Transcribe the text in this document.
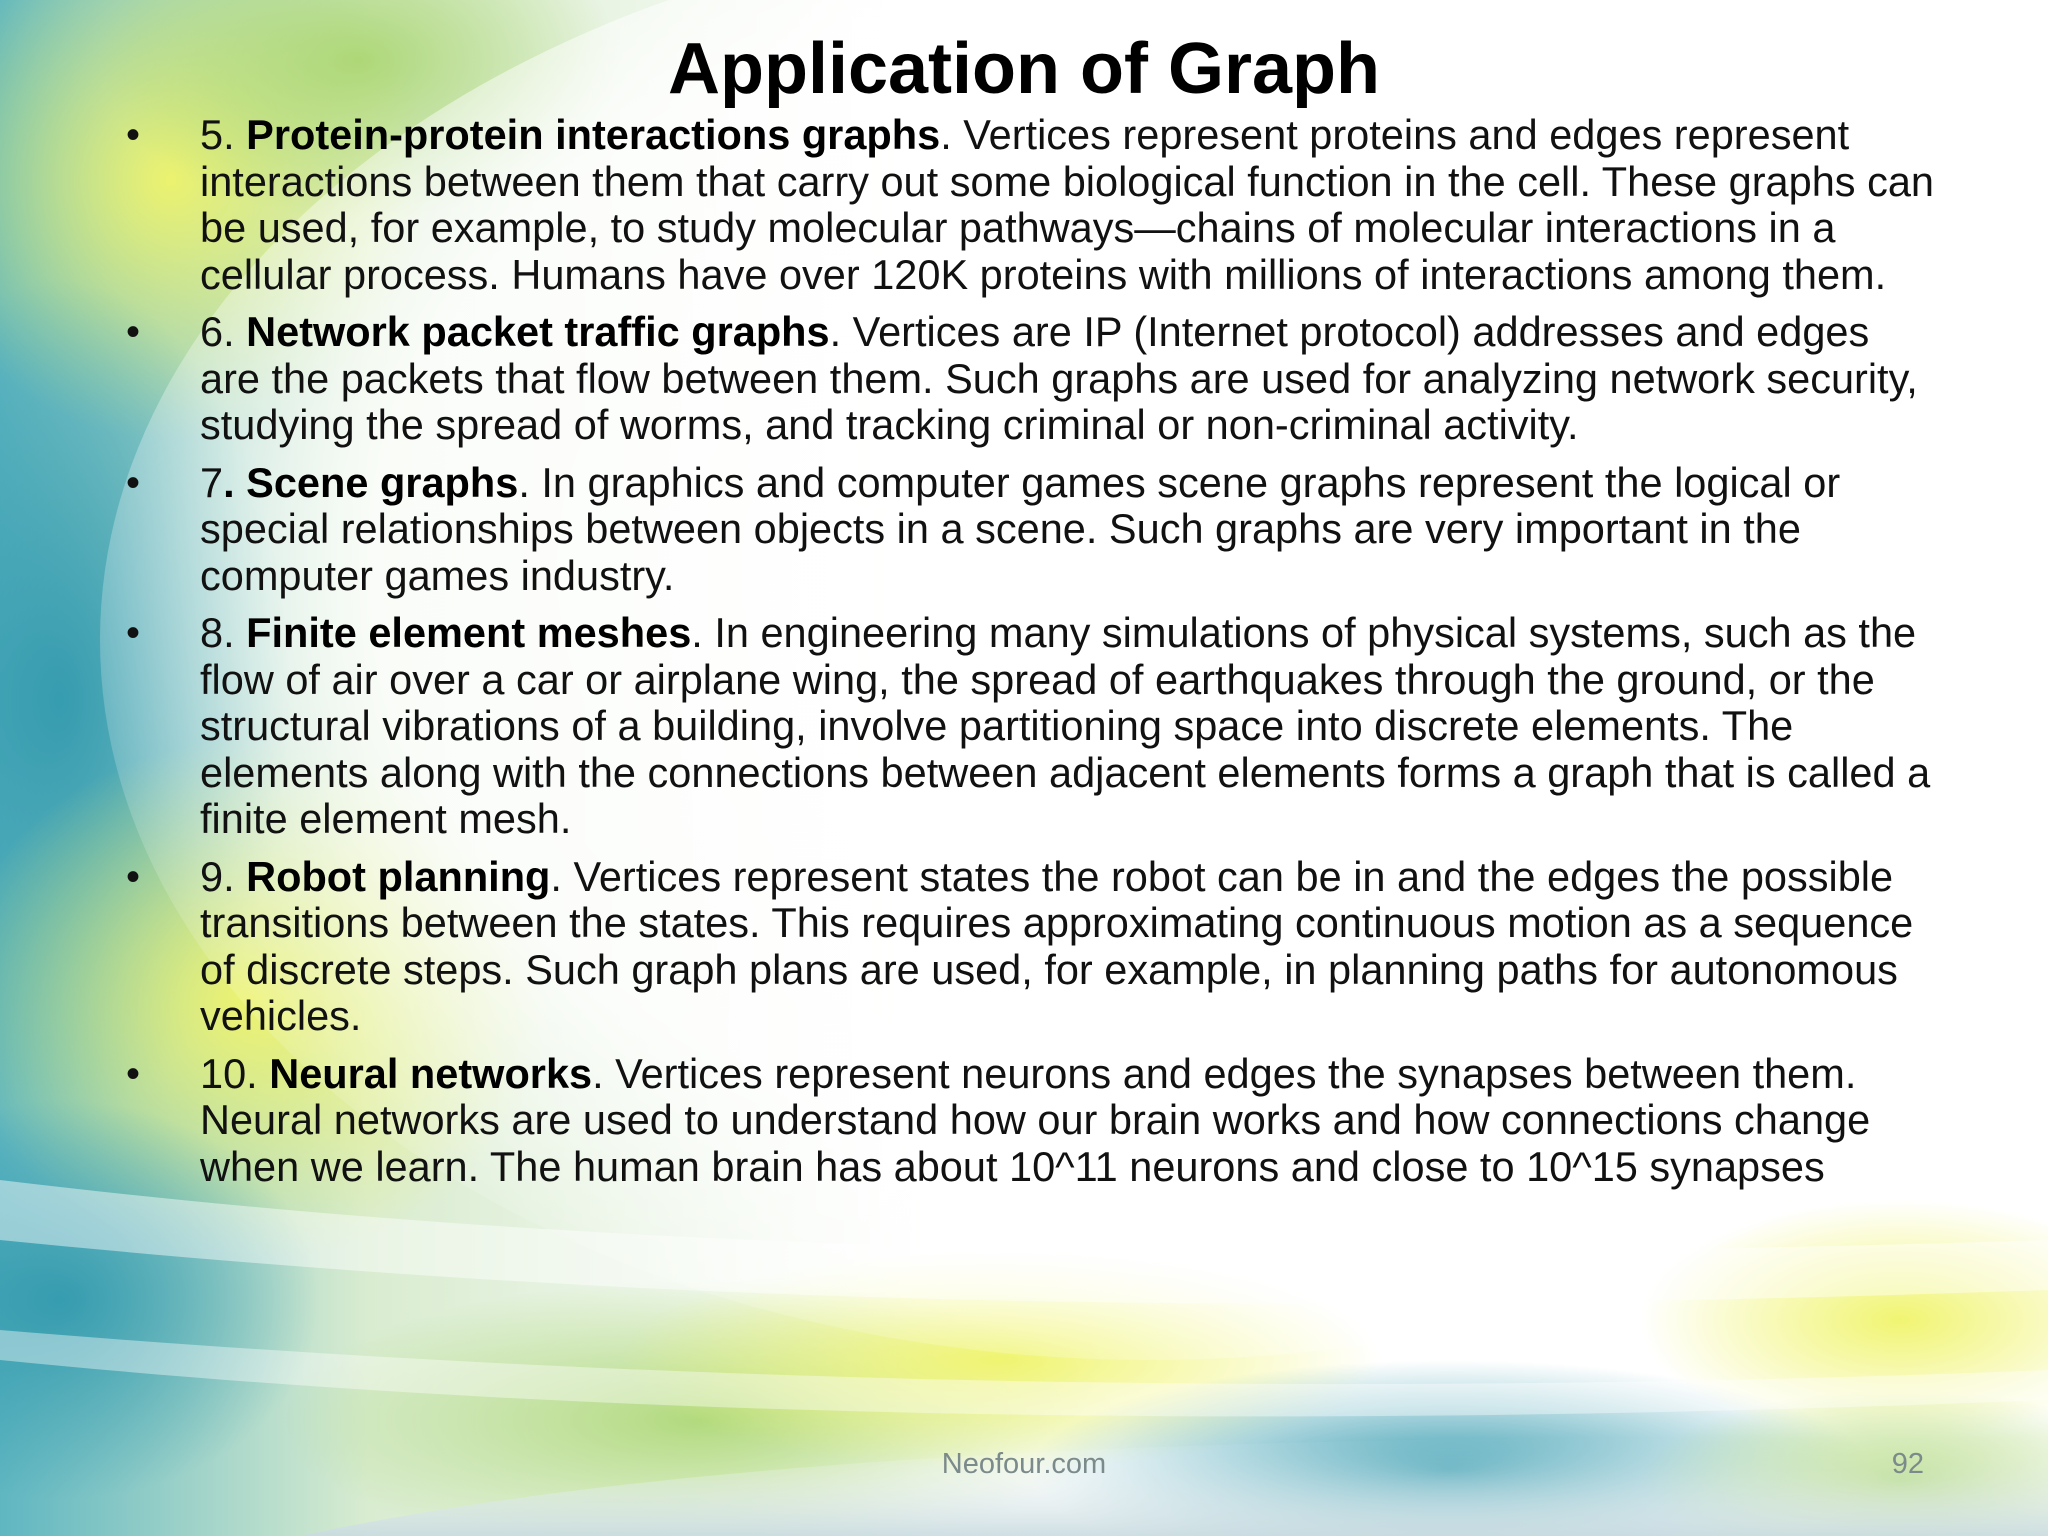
Application of Graph
• 5. Protein-protein interactions graphs. Vertices represent proteins and edges represent interactions between them that carry out some biological function in the cell. These graphs can be used, for example, to study molecular pathways—chains of molecular interactions in a cellular process. Humans have over 120K proteins with millions of interactions among them.
• 6. Network packet traffic graphs. Vertices are IP (Internet protocol) addresses and edges are the packets that flow between them. Such graphs are used for analyzing network security, studying the spread of worms, and tracking criminal or non-criminal activity.
• 7. Scene graphs. In graphics and computer games scene graphs represent the logical or special relationships between objects in a scene. Such graphs are very important in the computer games industry.
• 8. Finite element meshes. In engineering many simulations of physical systems, such as the flow of air over a car or airplane wing, the spread of earthquakes through the ground, or the structural vibrations of a building, involve partitioning space into discrete elements. The elements along with the connections between adjacent elements forms a graph that is called a finite element mesh.
• 9. Robot planning. Vertices represent states the robot can be in and the edges the possible transitions between the states. This requires approximating continuous motion as a sequence of discrete steps. Such graph plans are used, for example, in planning paths for autonomous vehicles.
• 10. Neural networks. Vertices represent neurons and edges the synapses between them. Neural networks are used to understand how our brain works and how connections change when we learn. The human brain has about 10^11 neurons and close to 10^15 synapses
Neofour.com	92
